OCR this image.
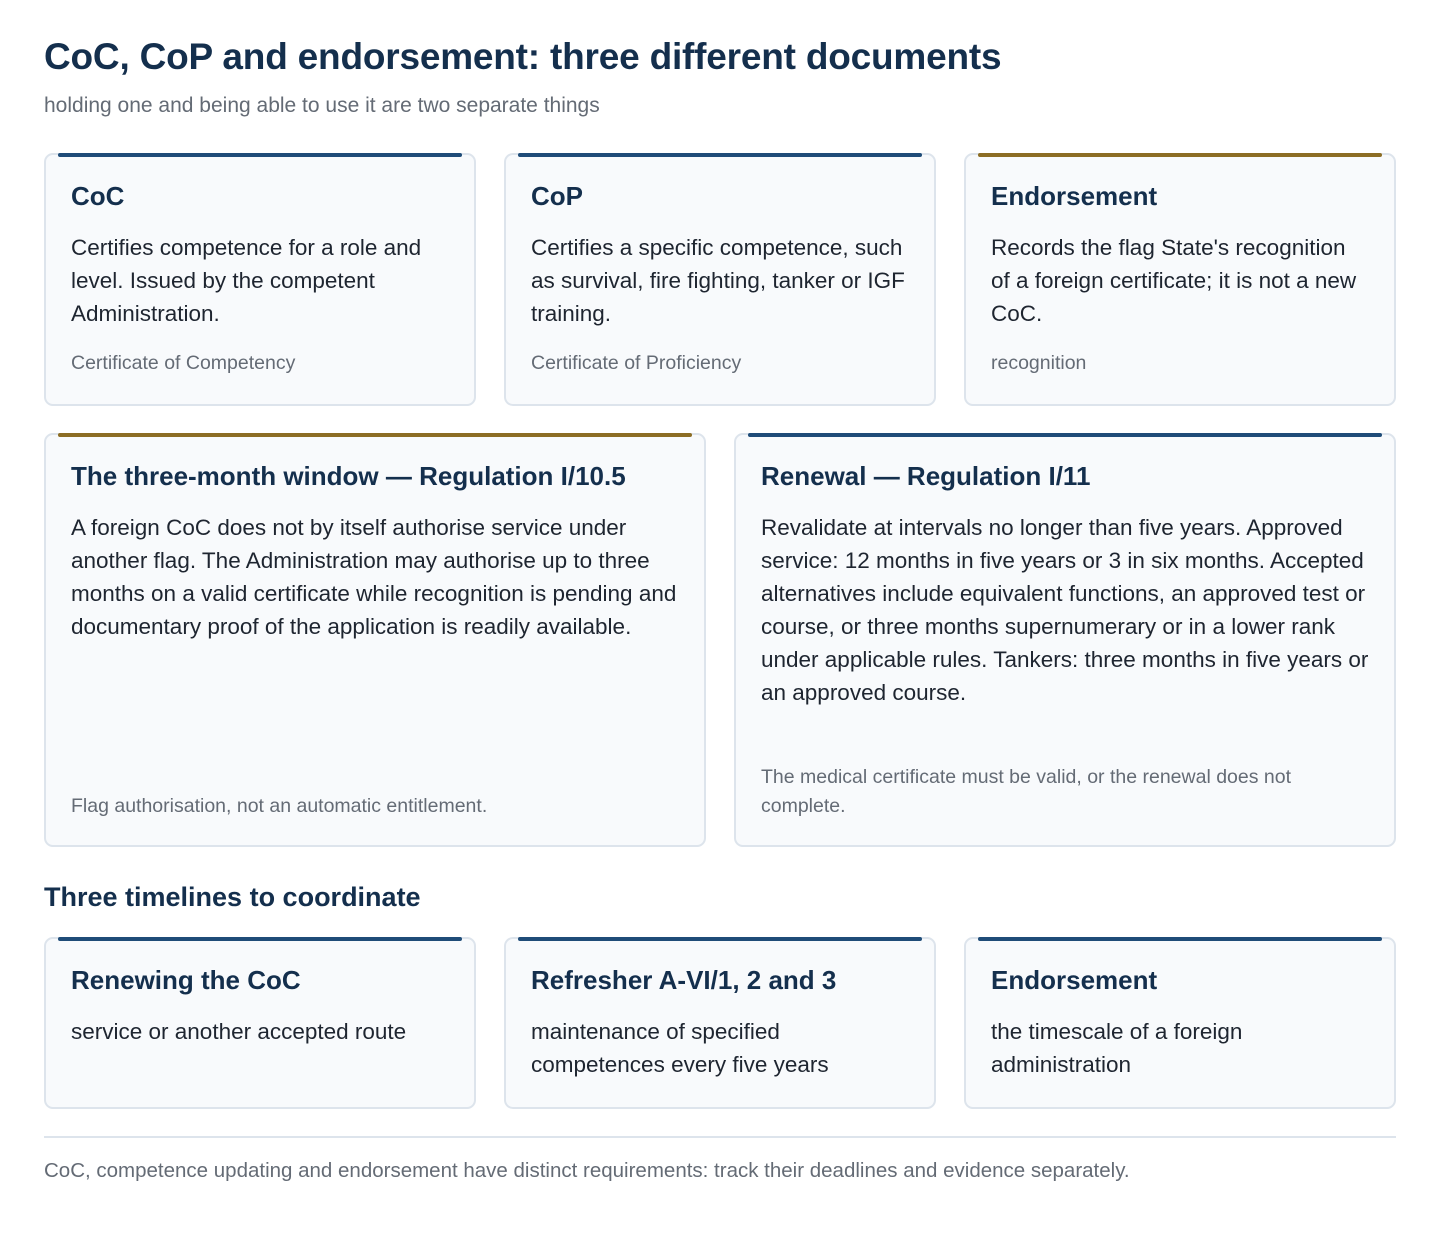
CoC, CoP and endorsement: three different documents

holding one and being able to use it are two separate things

CoC

Certifies competence for a role and level. Issued by the competent Administration.

Certificate of Competency

CoP

Certifies a specific competence, such as survival, fire fighting, tanker or IGF training.

Certificate of Proficiency

Endorsement

Records the flag State's recognition of a foreign certificate; it is not a new CoC.

recognition

The three-month window — Regulation I/10.5

A foreign CoC does not by itself authorise service under another flag. The Administration may authorise up to three months on a valid certificate while recognition is pending and documentary proof of the application is readily available.

Flag authorisation, not an automatic entitlement.

Renewal — Regulation I/11

Revalidate at intervals no longer than five years. Approved service: 12 months in five years or 3 in six months. Accepted alternatives include equivalent functions, an approved test or course, or three months supernumerary or in a lower rank under applicable rules. Tankers: three months in five years or an approved course.

The medical certificate must be valid, or the renewal does not complete.

Three timelines to coordinate
Renewing the CoC

service or another accepted route

Refresher A-VI/1, 2 and 3

maintenance of specified competences every five years

Endorsement

the timescale of a foreign administration

CoC, competence updating and endorsement have distinct requirements: track their deadlines and evidence separately.
